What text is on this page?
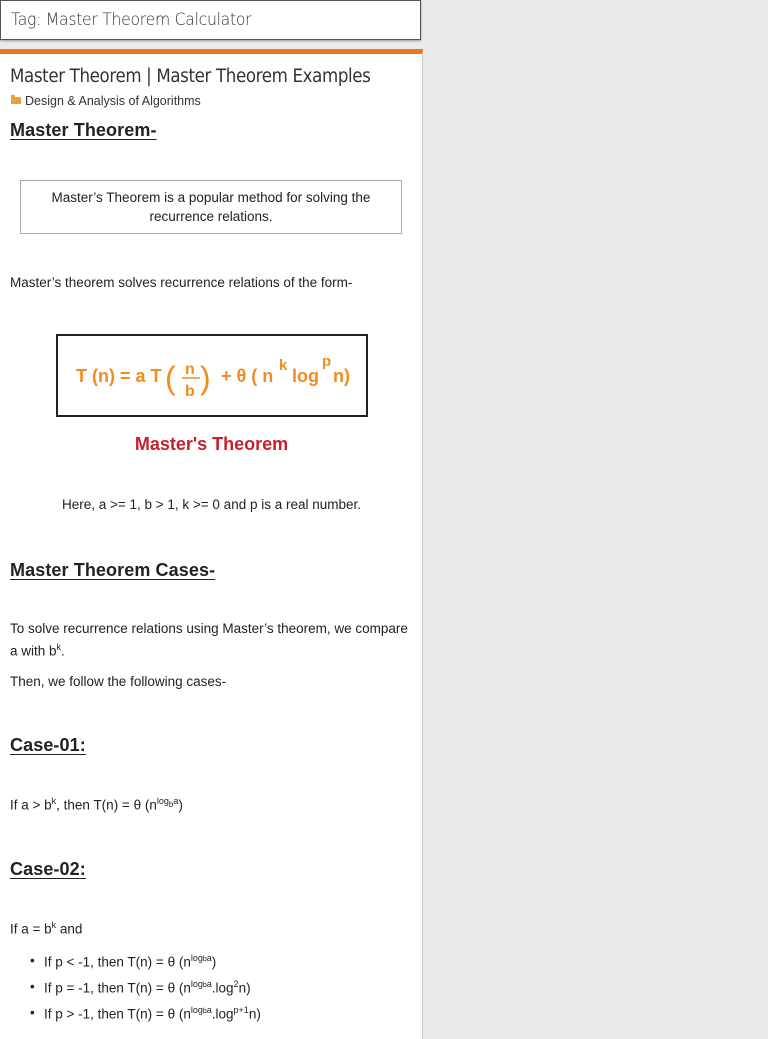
Tag: Master Theorem Calculator
Master Theorem | Master Theorem Examples
Design & Analysis of Algorithms
Master Theorem-
Master’s Theorem is a popular method for solving the recurrence relations.
Master’s theorem solves recurrence relations of the form-
T (n) = a T ( n
b ) + θ ( n
k
log
p
n)
Master's Theorem
Here, a >= 1, b > 1, k >= 0 and p is a real number.
Master Theorem Cases-
To solve recurrence relations using Master’s theorem, we compare
a with $b^k$.
Then, we follow the following cases-
Case-01:
If $a > b^k$, then T(n) = θ $(n^{logba})$
Case-02:
If $a = b^k$ and
• If p < -1, then T(n) = θ $(n^{logba})$
• If p = -1, then T(n) = θ $(n^{logba}.\log^2n)$
• If p > -1, then T(n) = θ $(n^{logba}.\log^{p+1}n)$
